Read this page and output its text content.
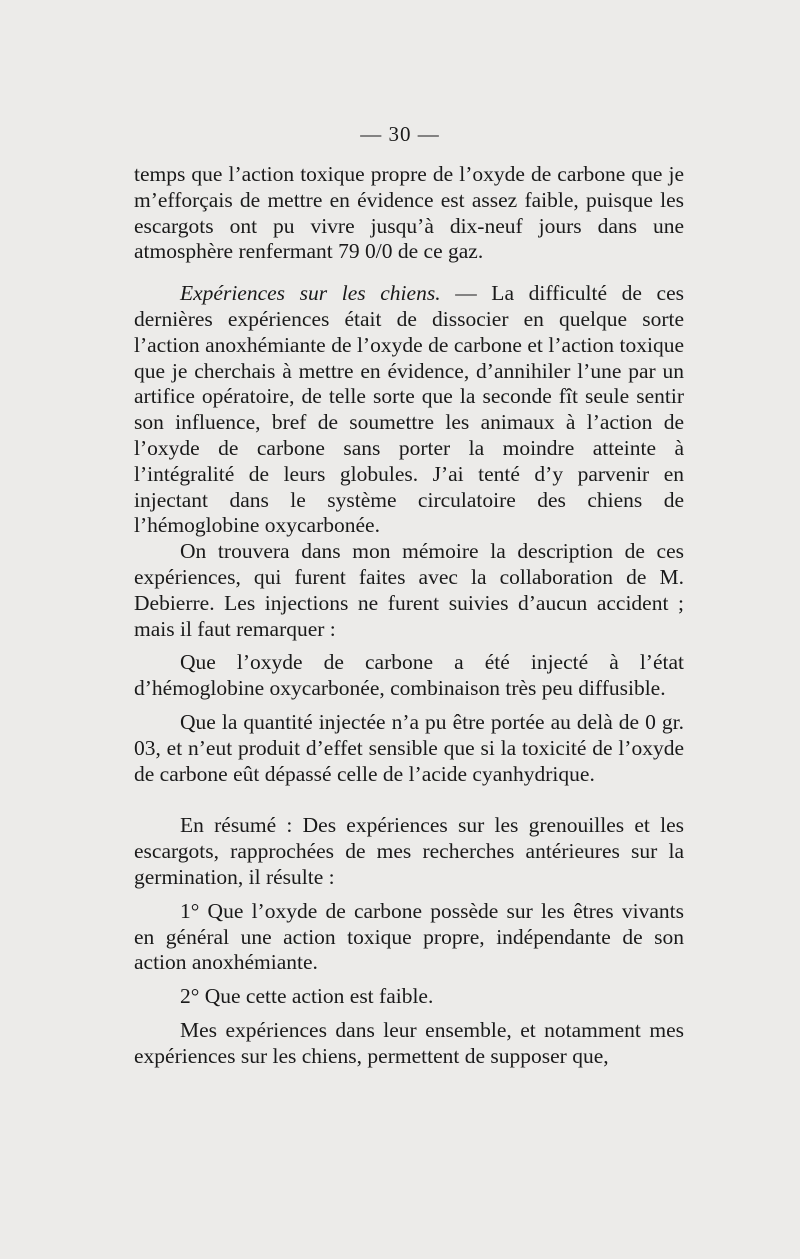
— 30 —

temps que l’action toxique propre de l’oxyde de carbone que je m’efforçais de mettre en évidence est assez faible, puisque les escargots ont pu vivre jusqu’à dix-neuf jours dans une atmosphère renfermant 79 0/0 de ce gaz.

Expériences sur les chiens. — La difficulté de ces dernières expériences était de dissocier en quelque sorte l’action anoxhémiante de l’oxyde de carbone et l’action toxique que je cherchais à mettre en évidence, d’annihiler l’une par un artifice opératoire, de telle sorte que la seconde fît seule sentir son influence, bref de soumettre les animaux à l’action de l’oxyde de carbone sans porter la moindre atteinte à l’intégralité de leurs globules. J’ai tenté d’y parvenir en injectant dans le système circulatoire des chiens de l’hémoglobine oxycarbonée.

On trouvera dans mon mémoire la description de ces expériences, qui furent faites avec la collaboration de M. Debierre. Les injections ne furent suivies d’aucun accident ; mais il faut remarquer :

Que l’oxyde de carbone a été injecté à l’état d’hémoglobine oxycarbonée, combinaison très peu diffusible.

Que la quantité injectée n’a pu être portée au delà de 0 gr. 03, et n’eut produit d’effet sensible que si la toxicité de l’oxyde de carbone eût dépassé celle de l’acide cyanhydrique.

En résumé : Des expériences sur les grenouilles et les escargots, rapprochées de mes recherches antérieures sur la germination, il résulte :

1° Que l’oxyde de carbone possède sur les êtres vivants en général une action toxique propre, indépendante de son action anoxhémiante.

2° Que cette action est faible.

Mes expériences dans leur ensemble, et notamment mes expériences sur les chiens, permettent de supposer que,
